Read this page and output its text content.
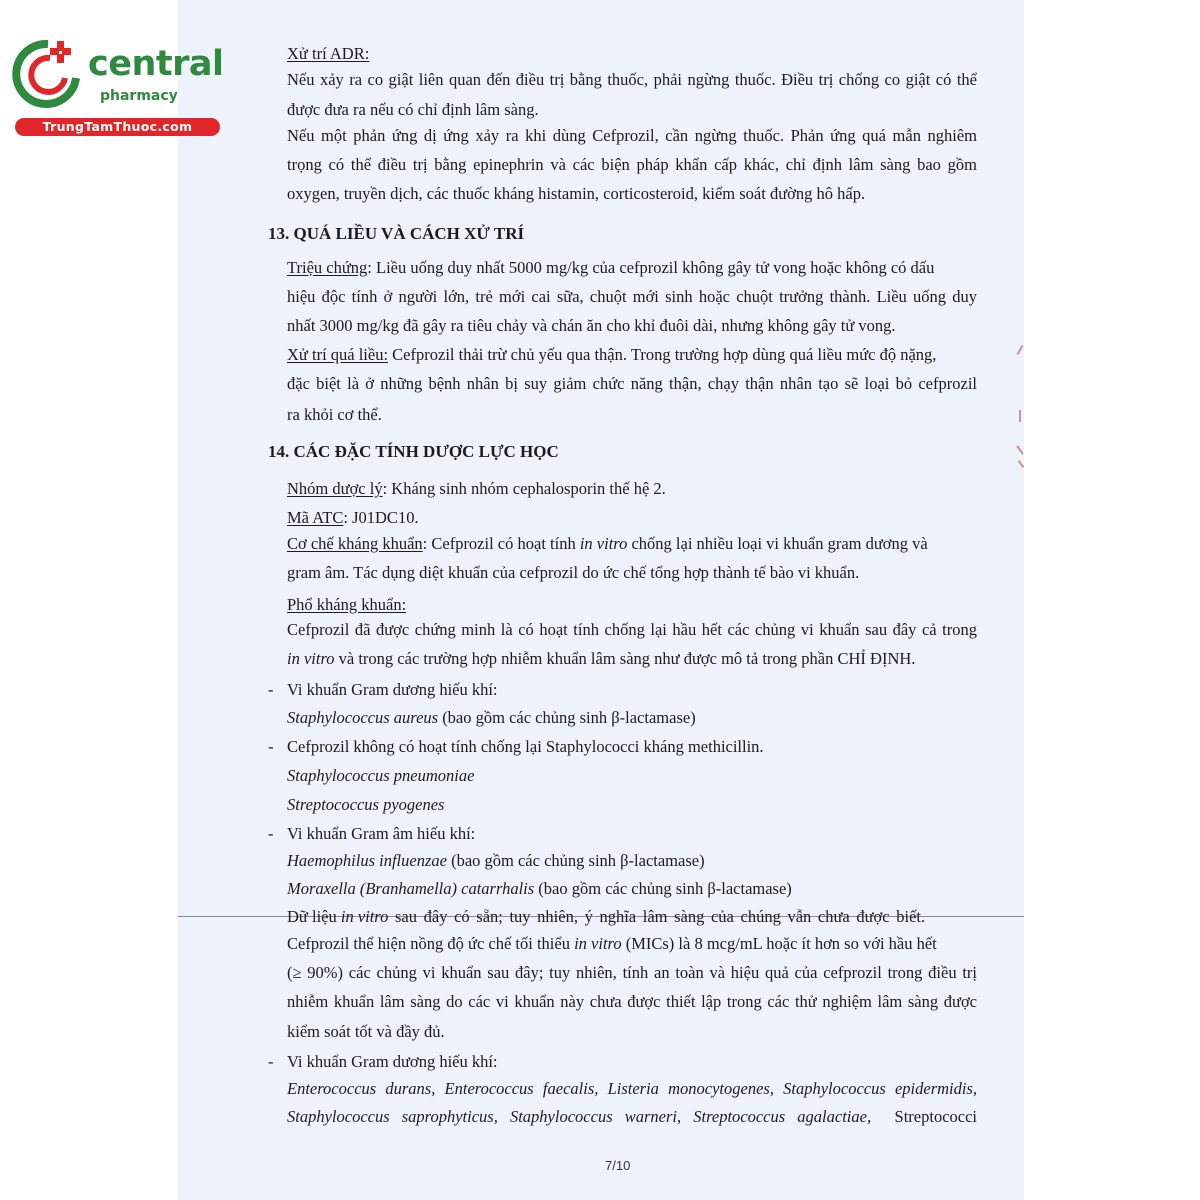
central
pharmacy
TrungTamThuoc.com
Xử trí ADR:
Nếu xảy ra co giật liên quan đến điều trị bằng thuốc, phải ngừng thuốc. Điều trị chống co giật có thể
được đưa ra nếu có chỉ định lâm sàng.
Nếu một phản ứng dị ứng xảy ra khi dùng Cefprozil, cần ngừng thuốc. Phản ứng quá mẫn nghiêm
trọng có thể điều trị bằng epinephrin và các biện pháp khẩn cấp khác, chỉ định lâm sàng bao gồm
oxygen, truyền dịch, các thuốc kháng histamin, corticosteroid, kiểm soát đường hô hấp.
13. QUÁ LIỀU VÀ CÁCH XỬ TRÍ
Triệu chứng: Liều uống duy nhất 5000 mg/kg của cefprozil không gây tử vong hoặc không có dấu
hiệu độc tính ở người lớn, trẻ mới cai sữa, chuột mới sinh hoặc chuột trưởng thành. Liều uống duy
nhất 3000 mg/kg đã gây ra tiêu chảy và chán ăn cho khỉ đuôi dài, nhưng không gây tử vong.
Xử trí quá liều: Cefprozil thải trừ chủ yếu qua thận. Trong trường hợp dùng quá liều mức độ nặng,
đặc biệt là ở những bệnh nhân bị suy giảm chức năng thận, chạy thận nhân tạo sẽ loại bỏ cefprozil
ra khỏi cơ thể.
14. CÁC ĐẶC TÍNH DƯỢC LỰC HỌC
Nhóm dược lý: Kháng sinh nhóm cephalosporin thế hệ 2.
Mã ATC: J01DC10.
Cơ chế kháng khuẩn: Cefprozil có hoạt tính in vitro chống lại nhiều loại vi khuẩn gram dương và
gram âm. Tác dụng diệt khuẩn của cefprozil do ức chế tổng hợp thành tế bào vi khuẩn.
Phổ kháng khuẩn:
Cefprozil đã được chứng minh là có hoạt tính chống lại hầu hết các chủng vi khuẩn sau đây cả trong
in vitro và trong các trường hợp nhiễm khuẩn lâm sàng như được mô tả trong phần CHỈ ĐỊNH.
- Vi khuẩn Gram dương hiếu khí:
Staphylococcus aureus (bao gồm các chủng sinh β-lactamase)
- Cefprozil không có hoạt tính chống lại Staphylococci kháng methicillin.
Staphylococcus pneumoniae
Streptococcus pyogenes
- Vi khuẩn Gram âm hiếu khí:
Haemophilus influenzae (bao gồm các chủng sinh β-lactamase)
Moraxella (Branhamella) catarrhalis (bao gồm các chủng sinh β-lactamase)
Dữ liệu in vitro sau đây có sẵn; tuy nhiên, ý nghĩa lâm sàng của chúng vẫn chưa được biết.
Cefprozil thể hiện nồng độ ức chế tối thiểu in vitro (MICs) là 8 mcg/mL hoặc ít hơn so với hầu hết
(≥ 90%) các chủng vi khuẩn sau đây; tuy nhiên, tính an toàn và hiệu quả của cefprozil trong điều trị
nhiễm khuẩn lâm sàng do các vi khuẩn này chưa được thiết lập trong các thử nghiệm lâm sàng được
kiểm soát tốt và đầy đủ.
- Vi khuẩn Gram dương hiếu khí:
Enterococcus durans, Enterococcus faecalis, Listeria monocytogenes, Staphylococcus epidermidis,
Staphylococcus saprophyticus, Staphylococcus warneri, Streptococcus agalactiae, Streptococci
7/10
